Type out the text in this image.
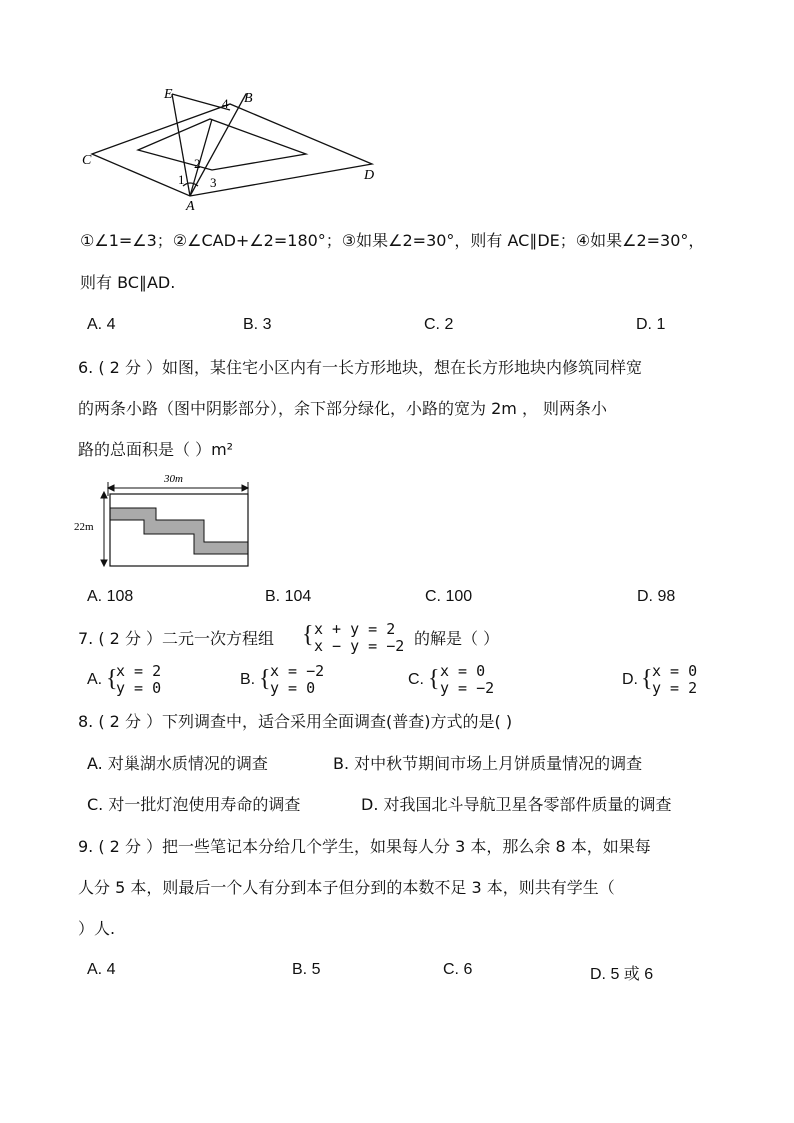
E
4 B
C
D
A
1
2
3
①∠1=∠3；②∠CAD+∠2=180°；③如果∠2=30°，则有 AC∥DE；④如果∠2=30°，
则有 BC∥AD.
A. 4	B. 3	C. 2	D. 1
6. ( 2 分 ）如图，某住宅小区内有一长方形地块，想在长方形地块内修筑同样宽
的两条小路（图中阴影部分），余下部分绿化，小路的宽为 2m ， 则两条小
路的总面积是（ ）m²
30m
22m
A. 108	B. 104	C. 100	D. 98
7. ( 2 分 ）二元一次方程组 { x + y = 2
x − y = −2 的解是（ ）
A. {
x = 2
y = 0	B. { x = −2
y = 0	C. { x = 0
y = −2	D. { x = 0
y = 2
8. ( 2 分 ）下列调查中，适合采用全面调查(普查)方式的是( )
A. 对巢湖水质情况的调查	B. 对中秋节期间市场上月饼质量情况的调查
C. 对一批灯泡使用寿命的调查	D. 对我国北斗导航卫星各零部件质量的调查
9. ( 2 分 ）把一些笔记本分给几个学生，如果每人分 3 本，那么余 8 本，如果每
人分 5 本，则最后一个人有分到本子但分到的本数不足 3 本，则共有学生（
）人.
A. 4	B. 5	C. 6	D. 5 或 6
